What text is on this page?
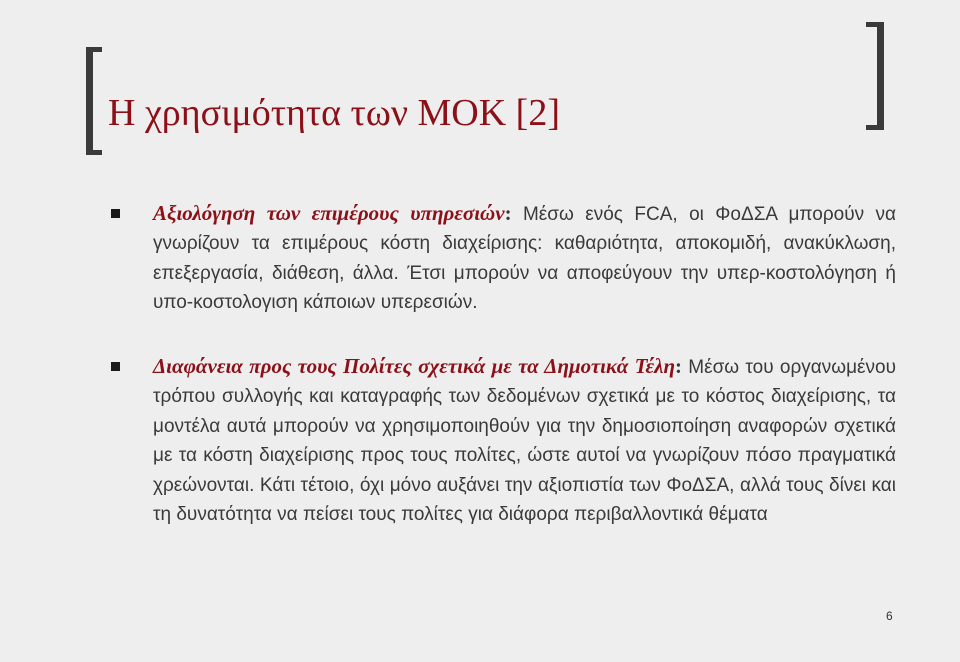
Η χρησιμότητα των ΜΟΚ [2]

Αξιολόγηση των επιμέρους υπηρεσιών: Μέσω ενός FCA, οι ΦοΔΣΑ μπορούν να γνωρίζουν τα επιμέρους κόστη διαχείρισης: καθαριότητα, αποκομιδή, ανακύκλωση, επεξεργασία, διάθεση, άλλα. Έτσι μπορούν να αποφεύγουν την υπερ-κοστολόγηση ή υπο-κοστολογιση κάποιων υπερεσιών.

Διαφάνεια προς τους Πολίτες σχετικά με τα Δημοτικά Τέλη: Μέσω του οργανωμένου τρόπου συλλογής και καταγραφής των δεδομένων σχετικά με το κόστος διαχείρισης, τα μοντέλα αυτά μπορούν να χρησιμοποιηθούν για την δημοσιοποίηση αναφορών σχετικά με τα κόστη διαχείρισης προς τους πολίτες, ώστε αυτοί να γνωρίζουν πόσο πραγματικά χρεώνονται. Κάτι τέτοιο, όχι μόνο αυξάνει την αξιοπιστία των ΦοΔΣΑ, αλλά τους δίνει και τη δυνατότητα να πείσει τους πολίτες για διάφορα περιβαλλοντικά θέματα

6
